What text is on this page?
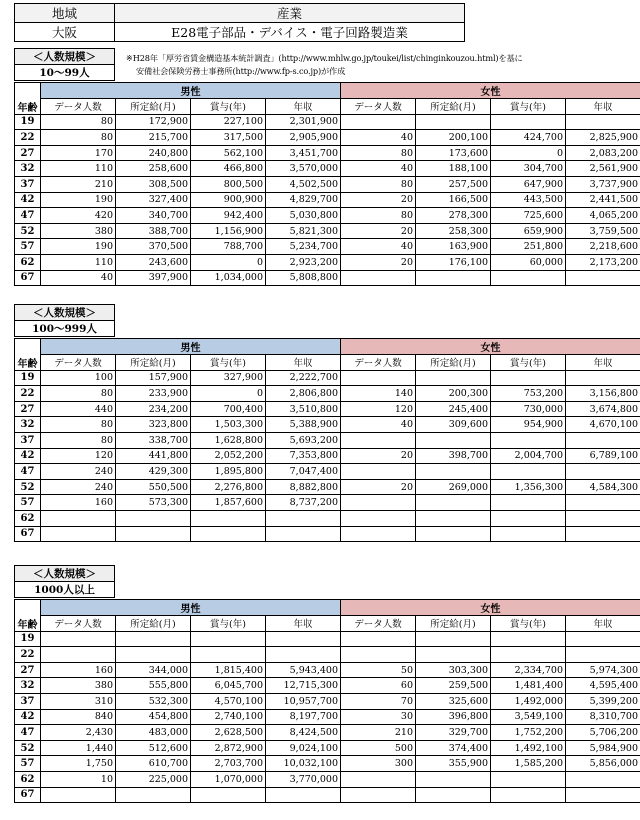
地域	産業
大阪	E28電子部品・デバイス・電子回路製造業
※H28年「厚労省賃金構造基本統計調査」(http://www.mhlw.go.jp/toukei/list/chinginkouzou.html)を基に
安備社会保険労務士事務所(http://www.fp-s.co.jp)が作成
＜人数規模＞
10～99人
	男性				女性			
年齢	データ人数	所定給(月)	賞与(年)	年収	データ人数	所定給(月)	賞与(年)	年収
19	80	172,900	227,100	2,301,900				
22	80	215,700	317,500	2,905,900	40	200,100	424,700	2,825,900
27	170	240,800	562,100	3,451,700	80	173,600	0	2,083,200
32	110	258,600	466,800	3,570,000	40	188,100	304,700	2,561,900
37	210	308,500	800,500	4,502,500	80	257,500	647,900	3,737,900
42	190	327,400	900,900	4,829,700	20	166,500	443,500	2,441,500
47	420	340,700	942,400	5,030,800	80	278,300	725,600	4,065,200
52	380	388,700	1,156,900	5,821,300	20	258,300	659,900	3,759,500
57	190	370,500	788,700	5,234,700	40	163,900	251,800	2,218,600
62	110	243,600	0	2,923,200	20	176,100	60,000	2,173,200
67	40	397,900	1,034,000	5,808,800				
＜人数規模＞
100～999人
	男性				女性			
年齢	データ人数	所定給(月)	賞与(年)	年収	データ人数	所定給(月)	賞与(年)	年収
19	100	157,900	327,900	2,222,700				
22	80	233,900	0	2,806,800	140	200,300	753,200	3,156,800
27	440	234,200	700,400	3,510,800	120	245,400	730,000	3,674,800
32	80	323,800	1,503,300	5,388,900	40	309,600	954,900	4,670,100
37	80	338,700	1,628,800	5,693,200				
42	120	441,800	2,052,200	7,353,800	20	398,700	2,004,700	6,789,100
47	240	429,300	1,895,800	7,047,400				
52	240	550,500	2,276,800	8,882,800	20	269,000	1,356,300	4,584,300
57	160	573,300	1,857,600	8,737,200				
62								
67								
＜人数規模＞
1000人以上
	男性				女性			
年齢	データ人数	所定給(月)	賞与(年)	年収	データ人数	所定給(月)	賞与(年)	年収
19								
22								
27	160	344,000	1,815,400	5,943,400	50	303,300	2,334,700	5,974,300
32	380	555,800	6,045,700	12,715,300	60	259,500	1,481,400	4,595,400
37	310	532,300	4,570,100	10,957,700	70	325,600	1,492,000	5,399,200
42	840	454,800	2,740,100	8,197,700	30	396,800	3,549,100	8,310,700
47	2,430	483,000	2,628,500	8,424,500	210	329,700	1,752,200	5,706,200
52	1,440	512,600	2,872,900	9,024,100	500	374,400	1,492,100	5,984,900
57	1,750	610,700	2,703,700	10,032,100	300	355,900	1,585,200	5,856,000
62	10	225,000	1,070,000	3,770,000				
67								
